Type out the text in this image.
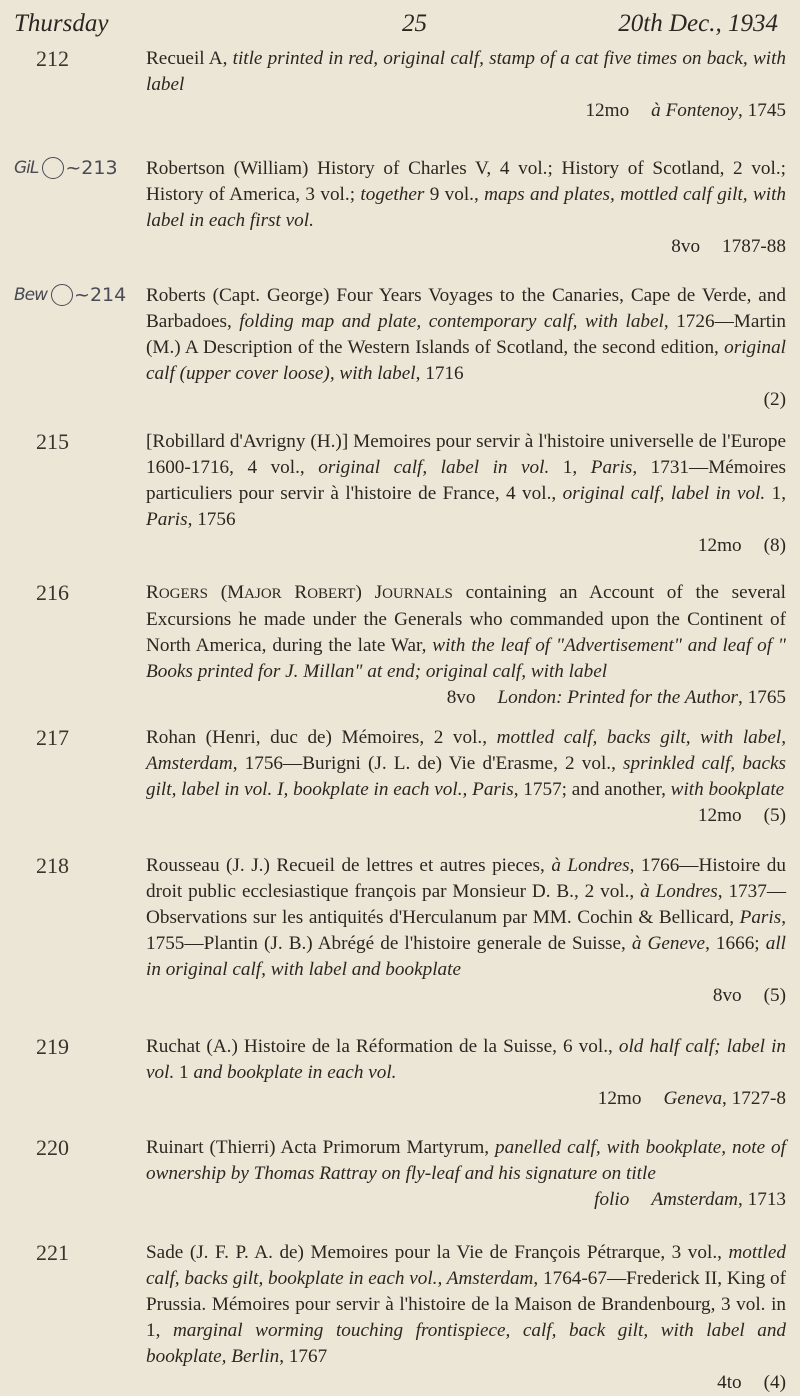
Thursday	25	20th Dec., 1934
212	Recueil A, title printed in red, original calf, stamp of a cat five times on back, with label
12mo à Fontenoy, 1745
GiL ○~213	Robertson (William) History of Charles V, 4 vol.; History of Scotland, 2 vol.; History of America, 3 vol.; together 9 vol., maps and plates, mottled calf gilt, with label in each first vol.
8vo 1787-88
Bew ○~214	Roberts (Capt. George) Four Years Voyages to the Canaries, Cape de Verde, and Barbadoes, folding map and plate, contemporary calf, with label, 1726—Martin (M.) A Description of the Western Islands of Scotland, the second edition, original calf (upper cover loose), with label, 1716
(2)
215	[Robillard d'Avrigny (H.)] Memoires pour servir à l'histoire universelle de l'Europe 1600-1716, 4 vol., original calf, label in vol. 1, Paris, 1731—Mémoires particuliers pour servir à l'histoire de France, 4 vol., original calf, label in vol. 1, Paris, 1756
12mo (8)
216	ROGERS (MAJOR ROBERT) JOURNALS containing an Account of the several Excursions he made under the Generals who commanded upon the Continent of North America, during the late War, with the leaf of "Advertisement" and leaf of " Books printed for J. Millan" at end; original calf, with label
8vo London: Printed for the Author, 1765
217	Rohan (Henri, duc de) Mémoires, 2 vol., mottled calf, backs gilt, with label, Amsterdam, 1756—Burigni (J. L. de) Vie d'Erasme, 2 vol., sprinkled calf, backs gilt, label in vol. I, bookplate in each vol., Paris, 1757; and another, with bookplate
12mo (5)
218	Rousseau (J. J.) Recueil de lettres et autres pieces, à Londres, 1766—Histoire du droit public ecclesiastique françois par Monsieur D. B., 2 vol., à Londres, 1737—Observations sur les antiquités d'Herculanum par MM. Cochin & Bellicard, Paris, 1755—Plantin (J. B.) Abrégé de l'histoire generale de Suisse, à Geneve, 1666; all in original calf, with label and bookplate
8vo (5)
219	Ruchat (A.) Histoire de la Réformation de la Suisse, 6 vol., old half calf; label in vol. 1 and bookplate in each vol.
12mo Geneva, 1727-8
220	Ruinart (Thierri) Acta Primorum Martyrum, panelled calf, with bookplate, note of ownership by Thomas Rattray on fly-leaf and his signature on title
folio Amsterdam, 1713
221	Sade (J. F. P. A. de) Memoires pour la Vie de François Pétrarque, 3 vol., mottled calf, backs gilt, bookplate in each vol., Amsterdam, 1764-67—Frederick II, King of Prussia. Mémoires pour servir à l'histoire de la Maison de Brandenbourg, 3 vol. in 1, marginal worming touching frontispiece, calf, back gilt, with label and bookplate, Berlin, 1767
4to (4)
